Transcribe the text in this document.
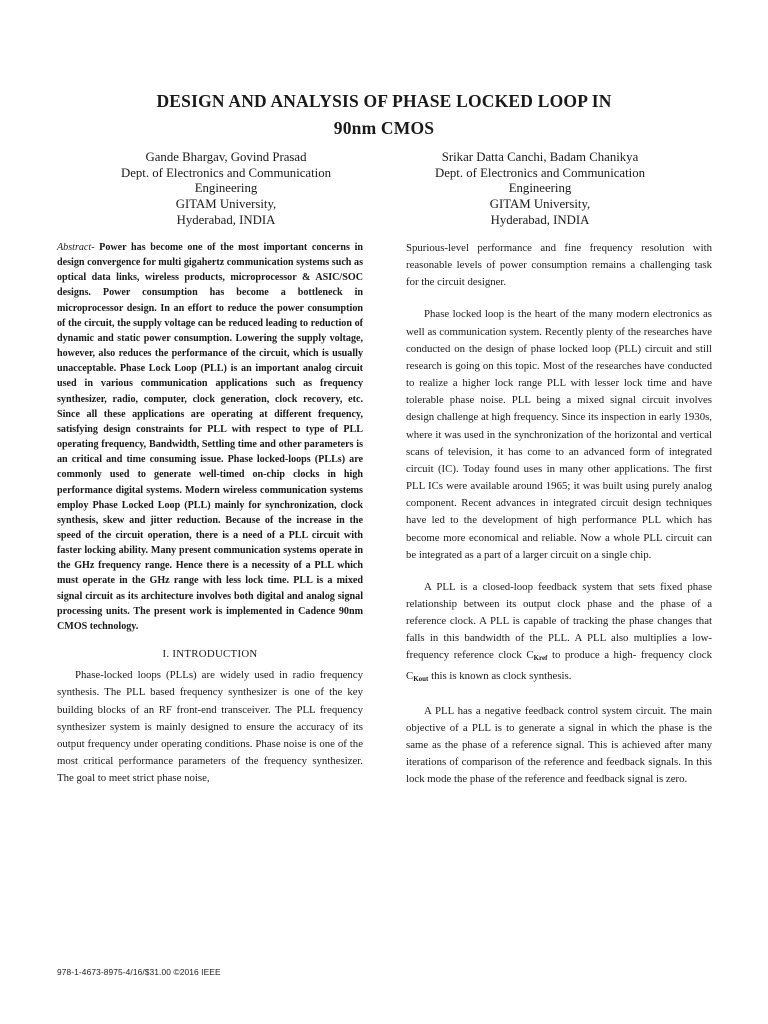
DESIGN AND ANALYSIS OF PHASE LOCKED LOOP IN
90nm CMOS
Gande Bhargav, Govind Prasad
Dept. of Electronics and Communication
Engineering
GITAM University,
Hyderabad, INDIA
Srikar Datta Canchi, Badam Chanikya
Dept. of Electronics and Communication
Engineering
GITAM University,
Hyderabad, INDIA

Abstract- Power has become one of the most important concerns in design convergence for multi gigahertz communication systems such as optical data links, wireless products, microprocessor & ASIC/SOC designs. Power consumption has become a bottleneck in microprocessor design. In an effort to reduce the power consumption of the circuit, the supply voltage can be reduced leading to reduction of dynamic and static power consumption. Lowering the supply voltage, however, also reduces the performance of the circuit, which is usually unacceptable. Phase Lock Loop (PLL) is an important analog circuit used in various communication applications such as frequency synthesizer, radio, computer, clock generation, clock recovery, etc. Since all these applications are operating at different frequency, satisfying design constraints for PLL with respect to type of PLL operating frequency, Bandwidth, Settling time and other parameters is an critical and time consuming issue. Phase locked-loops (PLLs) are commonly used to generate well-timed on-chip clocks in high performance digital systems. Modern wireless communication systems employ Phase Locked Loop (PLL) mainly for synchronization, clock synthesis, skew and jitter reduction. Because of the increase in the speed of the circuit operation, there is a need of a PLL circuit with faster locking ability. Many present communication systems operate in the GHz frequency range. Hence there is a necessity of a PLL which must operate in the GHz range with less lock time. PLL is a mixed signal circuit as its architecture involves both digital and analog signal processing units. The present work is implemented in Cadence 90nm CMOS technology.

I. INTRODUCTION

Phase-locked loops (PLLs) are widely used in radio frequency synthesis. The PLL based frequency synthesizer is one of the key building blocks of an RF front-end transceiver. The PLL frequency synthesizer system is mainly designed to ensure the accuracy of its output frequency under operating conditions. Phase noise is one of the most critical performance parameters of the frequency synthesizer. The goal to meet strict phase noise,

Spurious-level performance and fine frequency resolution with reasonable levels of power consumption remains a challenging task for the circuit designer.

Phase locked loop is the heart of the many modern electronics as well as communication system. Recently plenty of the researches have conducted on the design of phase locked loop (PLL) circuit and still research is going on this topic. Most of the researches have conducted to realize a higher lock range PLL with lesser lock time and have tolerable phase noise. PLL being a mixed signal circuit involves design challenge at high frequency. Since its inspection in early 1930s, where it was used in the synchronization of the horizontal and vertical scans of television, it has come to an advanced form of integrated circuit (IC). Today found uses in many other applications. The first PLL ICs were available around 1965; it was built using purely analog component. Recent advances in integrated circuit design techniques have led to the development of high performance PLL which has become more economical and reliable. Now a whole PLL circuit can be integrated as a part of a larger circuit on a single chip.

A PLL is a closed-loop feedback system that sets fixed phase relationship between its output clock phase and the phase of a reference clock. A PLL is capable of tracking the phase changes that falls in this bandwidth of the PLL. A PLL also multiplies a low-frequency reference clock $C_{Kref}$ to produce a high- frequency clock $C_{Kout}$ this is known as clock synthesis.

A PLL has a negative feedback control system circuit. The main objective of a PLL is to generate a signal in which the phase is the same as the phase of a reference signal. This is achieved after many iterations of comparison of the reference and feedback signals. In this lock mode the phase of the reference and feedback signal is zero.

978-1-4673-8975-4/16/$31.00 ©2016 IEEE
